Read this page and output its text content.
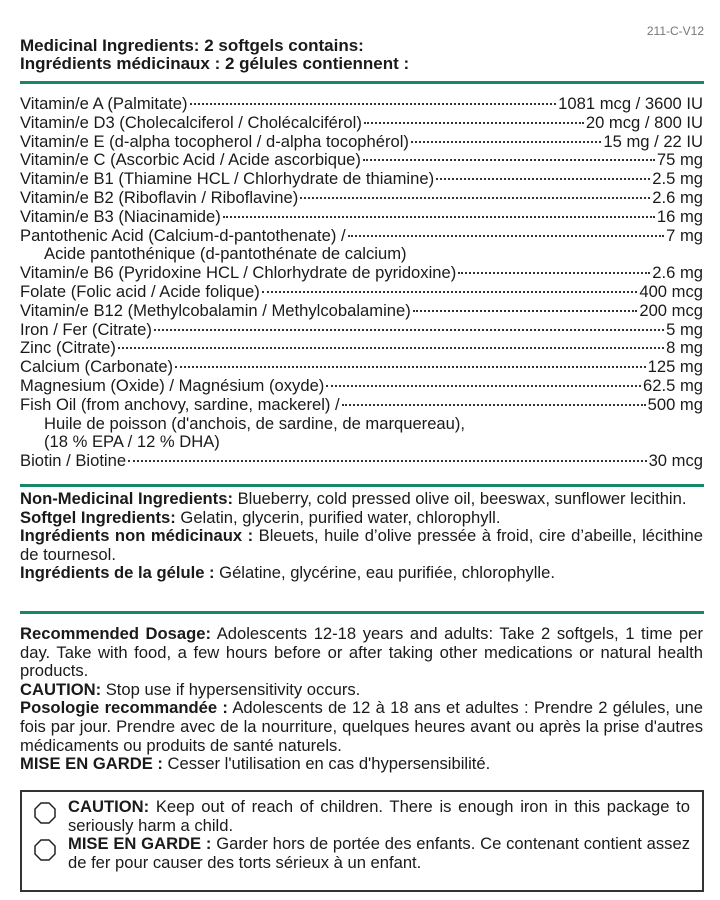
211-C-V12
Medicinal Ingredients: 2 softgels contains:
Ingrédients médicinaux : 2 gélules contiennent :
Vitamin/e A (Palmitate)	1081 mcg / 3600 IU
Vitamin/e D3 (Cholecalciferol / Cholécalciférol)	20 mcg / 800 IU
Vitamin/e E (d-alpha tocopherol / d-alpha tocophérol)	15 mg / 22 IU
Vitamin/e C (Ascorbic Acid / Acide ascorbique)	75 mg
Vitamin/e B1 (Thiamine HCL / Chlorhydrate de thiamine)	2.5 mg
Vitamin/e B2 (Riboflavin / Riboflavine)	2.6 mg
Vitamin/e B3 (Niacinamide)	16 mg
Pantothenic Acid (Calcium-d-pantothenate) /	7 mg
Acide pantothénique (d-pantothénate de calcium)
Vitamin/e B6 (Pyridoxine HCL / Chlorhydrate de pyridoxine)	2.6 mg
Folate (Folic acid / Acide folique)	400 mcg
Vitamin/e B12 (Methylcobalamin / Methylcobalamine)	200 mcg
Iron / Fer (Citrate)	5 mg
Zinc (Citrate)	8 mg
Calcium (Carbonate)	125 mg
Magnesium (Oxide) / Magnésium (oxyde)	62.5 mg
Fish Oil (from anchovy, sardine, mackerel) /	500 mg
Huile de poisson (d'anchois, de sardine, de marquereau),
(18 % EPA / 12 % DHA)
Biotin / Biotine	30 mcg
Non-Medicinal Ingredients: Blueberry, cold pressed olive oil, beeswax, sunflower lecithin.
Softgel Ingredients: Gelatin, glycerin, purified water, chlorophyll.
Ingrédients non médicinaux : Bleuets, huile d’olive pressée à froid, cire d’abeille, lécithine de tournesol.
Ingrédients de la gélule : Gélatine, glycérine, eau purifiée, chlorophylle.
Recommended Dosage: Adolescents 12-18 years and adults: Take 2 softgels, 1 time per day. Take with food, a few hours before or after taking other medications or natural health products.
CAUTION: Stop use if hypersensitivity occurs.
Posologie recommandée : Adolescents de 12 à 18 ans et adultes : Prendre 2 gélules, une fois par jour. Prendre avec de la nourriture, quelques heures avant ou après la prise d'autres médicaments ou produits de santé naturels.
MISE EN GARDE : Cesser l'utilisation en cas d'hypersensibilité.
CAUTION: Keep out of reach of children. There is enough iron in this package to seriously harm a child.
MISE EN GARDE : Garder hors de portée des enfants. Ce contenant contient assez de fer pour causer des torts sérieux à un enfant.
